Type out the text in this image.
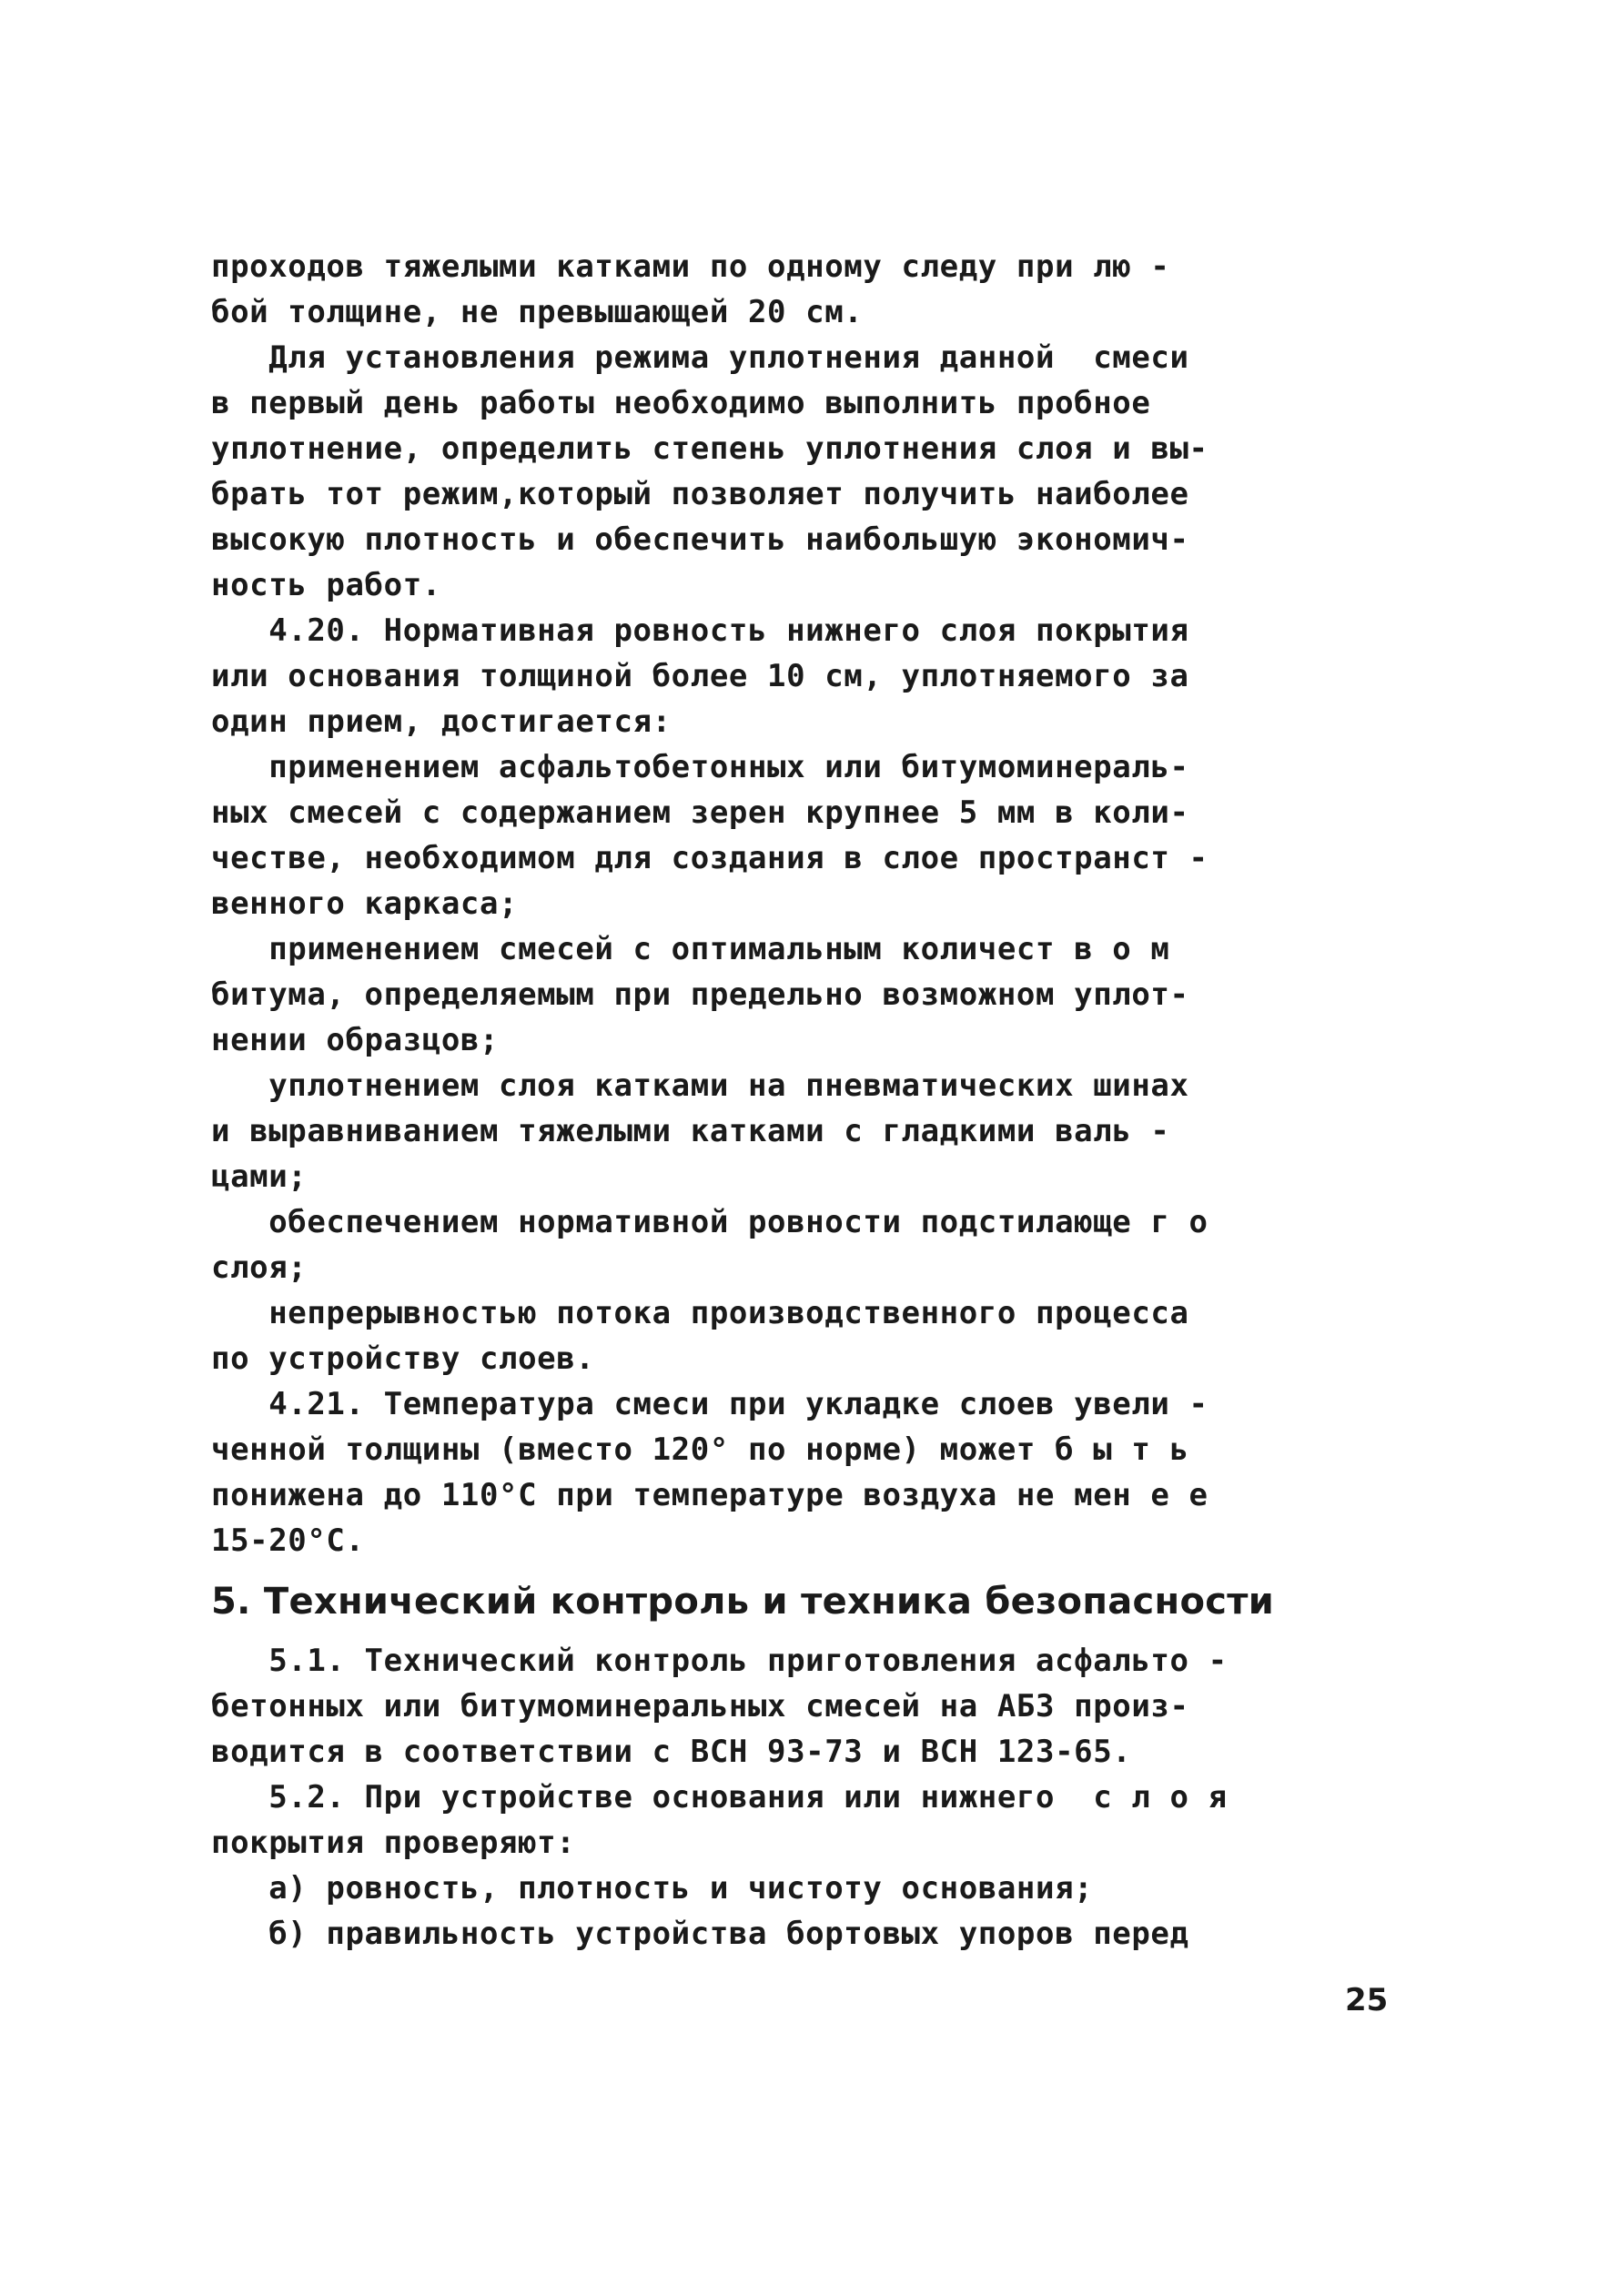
проходов тяжелыми катками по одному следу при лю -
бой толщине, не превышающей 20 см.
Для установления режима уплотнения данной  смеси
в первый день работы необходимо выполнить пробное
уплотнение, определить степень уплотнения слоя и вы-
брать тот режим,который позволяет получить наиболее
высокую плотность и обеспечить наибольшую экономич-
ность работ.
4.20. Нормативная ровность нижнего слоя покрытия
или основания толщиной более 10 см, уплотняемого за
один прием, достигается:
применением асфальтобетонных или битумоминераль-
ных смесей с содержанием зерен крупнее 5 мм в коли-
честве, необходимом для создания в слое пространст -
венного каркаса;
применением смесей с оптимальным количест в о м
битума, определяемым при предельно возможном уплот-
нении образцов;
уплотнением слоя катками на пневматических шинах
и выравниванием тяжелыми катками с гладкими валь -
цами;
обеспечением нормативной ровности подстилающе г о
слоя;
непрерывностью потока производственного процесса
по устройству слоев.
4.21. Температура смеси при укладке слоев увели -
ченной толщины (вместо 120° по норме) может б ы т ь
понижена до 110°C при температуре воздуха не мен е е
15-20°C.
5. Технический контроль и техника безопасности
5.1. Технический контроль приготовления асфальто -
бетонных или битумоминеральных смесей на АБЗ произ-
водится в соответствии с ВСН 93-73 и ВСН 123-65.
5.2. При устройстве основания или нижнего  с л о я
покрытия проверяют:
а) ровность, плотность и чистоту основания;
б) правильность устройства бортовых упоров перед
25
